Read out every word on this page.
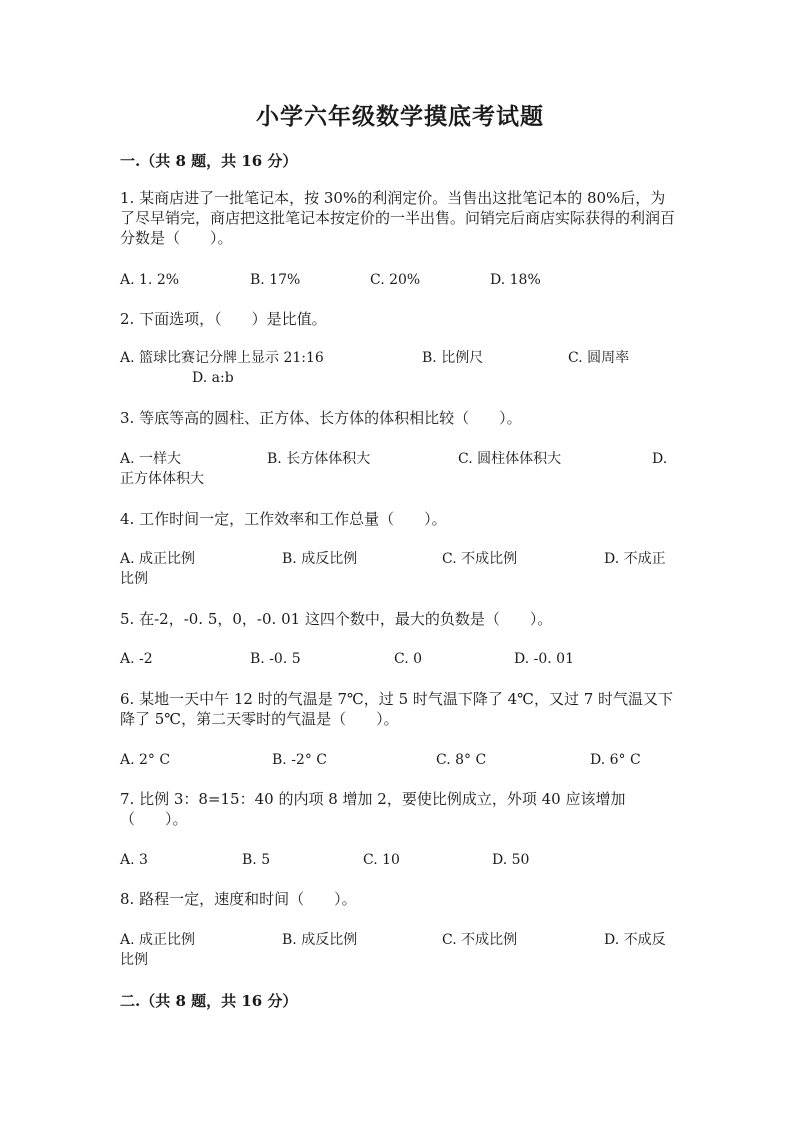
小学六年级数学摸底考试题
一.（共 8 题，共 16 分）
1. 某商店进了一批笔记本，按 30%的利润定价。当售出这批笔记本的 80%后，为了尽早销完，商店把这批笔记本按定价的一半出售。问销完后商店实际获得的利润百分数是（　　）。
A. 1. 2%	B. 17%	C. 20%	D. 18%
2. 下面选项，（　　）是比值。
A. 篮球比赛记分牌上显示 21:16	B. 比例尺	C. 圆周率
D. a:b
3. 等底等高的圆柱、正方体、长方体的体积相比较（　　）。
A. 一样大	B. 长方体体积大	C. 圆柱体体积大	D.
正方体体积大
4. 工作时间一定，工作效率和工作总量（　　）。
A. 成正比例	B. 成反比例	C. 不成比例	D. 不成正
比例
5. 在-2，-0. 5，0，-0. 01 这四个数中，最大的负数是（　　）。
A. -2	B. -0. 5	C. 0	D. -0. 01
6. 某地一天中午 12 时的气温是 7℃，过 5 时气温下降了 4℃，又过 7 时气温又下降了 5℃，第二天零时的气温是（　　）。
A. 2° C	B. -2° C	C. 8° C	D. 6° C
7. 比例 3：8=15：40 的内项 8 增加 2，要使比例成立，外项 40 应该增加（　　）。
A. 3	B. 5	C. 10	D. 50
8. 路程一定，速度和时间（　　）。
A. 成正比例	B. 成反比例	C. 不成比例	D. 不成反
比例
二.（共 8 题，共 16 分）
